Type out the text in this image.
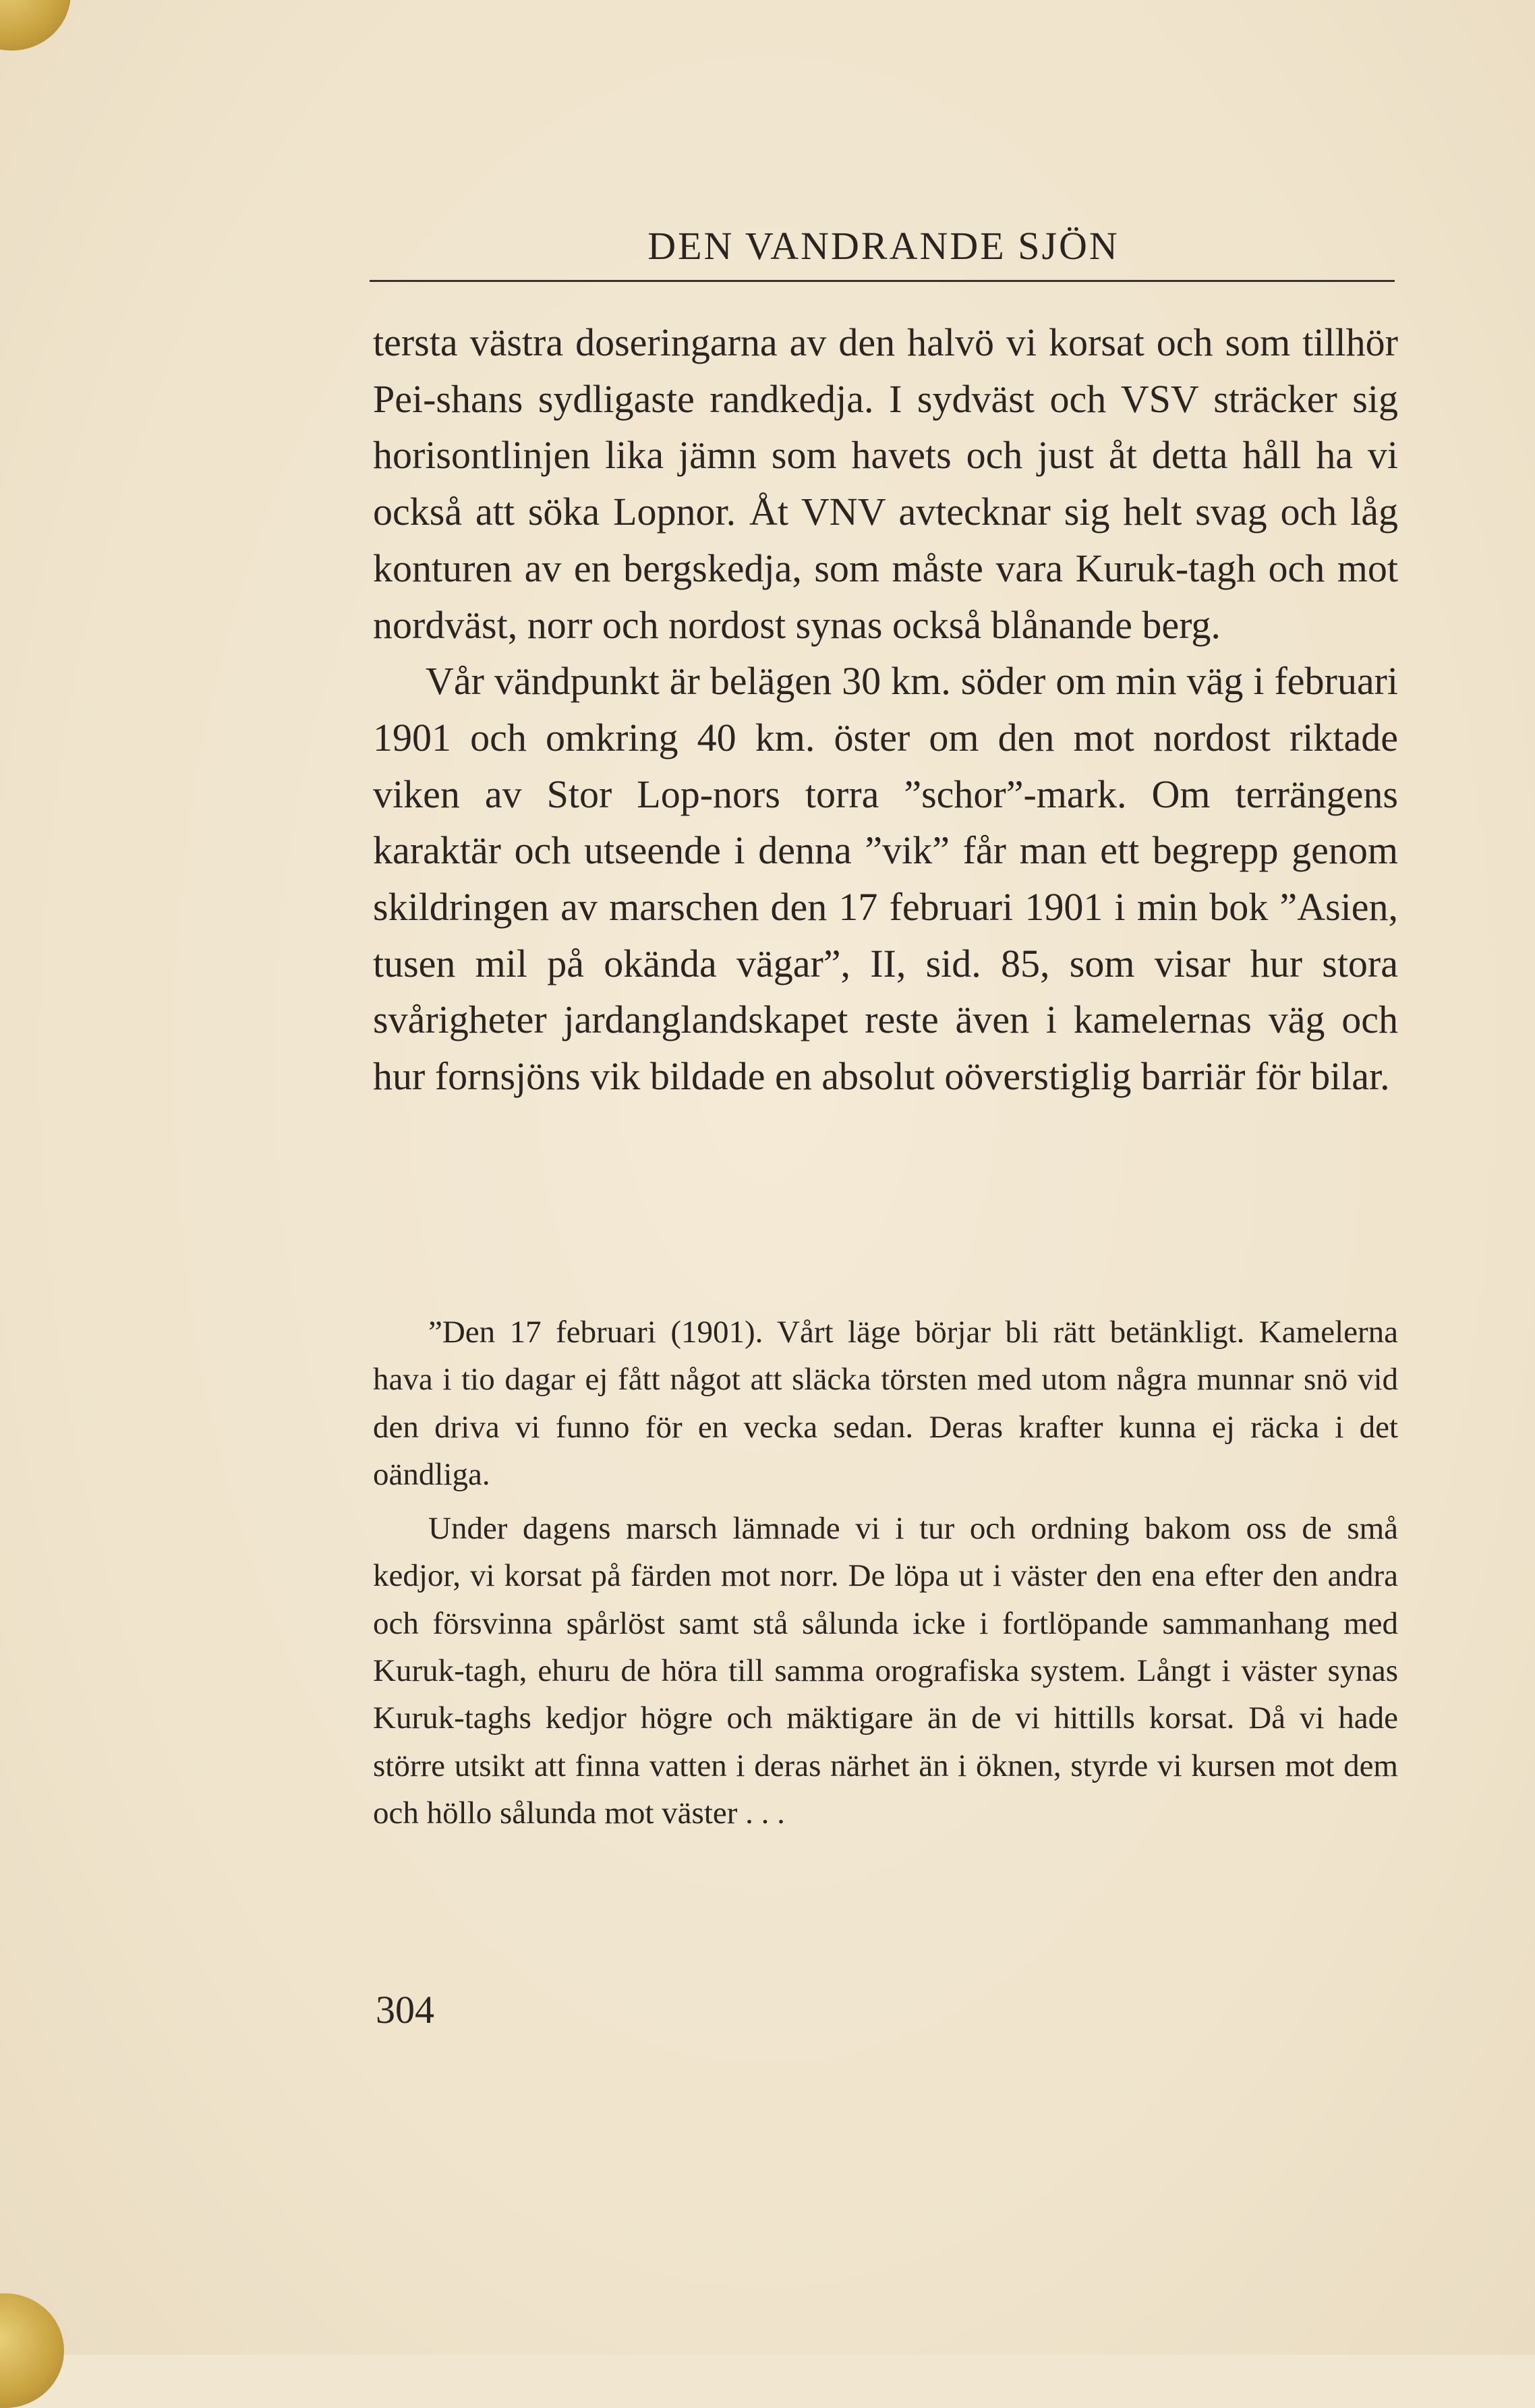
DEN VANDRANDE SJÖN

tersta västra doseringarna av den halvö vi korsat och som tillhör Pei-shans sydligaste randkedja. I sydväst och VSV sträcker sig horisontlinjen lika jämn som havets och just åt detta håll ha vi också att söka Lopnor. Åt VNV avtecknar sig helt svag och låg konturen av en bergskedja, som måste vara Kuruk-tagh och mot nordväst, norr och nordost synas också blånande berg.

Vår vändpunkt är belägen 30 km. söder om min väg i februari 1901 och omkring 40 km. öster om den mot nordost riktade viken av Stor Lop-nors torra ”schor”-mark. Om terrängens karaktär och utseende i denna ”vik” får man ett begrepp genom skildringen av marschen den 17 februari 1901 i min bok ”Asien, tusen mil på okända vägar”, II, sid. 85, som visar hur stora svårigheter jardanglandskapet reste även i kamelernas väg och hur fornsjöns vik bildade en absolut oöverstiglig barriär för bilar.

”Den 17 februari (1901). Vårt läge börjar bli rätt betänkligt. Kamelerna hava i tio dagar ej fått något att släcka törsten med utom några munnar snö vid den driva vi funno för en vecka sedan. Deras krafter kunna ej räcka i det oändliga.

Under dagens marsch lämnade vi i tur och ordning bakom oss de små kedjor, vi korsat på färden mot norr. De löpa ut i väster den ena efter den andra och försvinna spårlöst samt stå sålunda icke i fortlöpande sammanhang med Kuruk-tagh, ehuru de höra till samma orografiska system. Långt i väster synas Kuruk-taghs kedjor högre och mäktigare än de vi hittills korsat. Då vi hade större utsikt att finna vatten i deras närhet än i öknen, styrde vi kursen mot dem och höllo sålunda mot väster . . .

304
